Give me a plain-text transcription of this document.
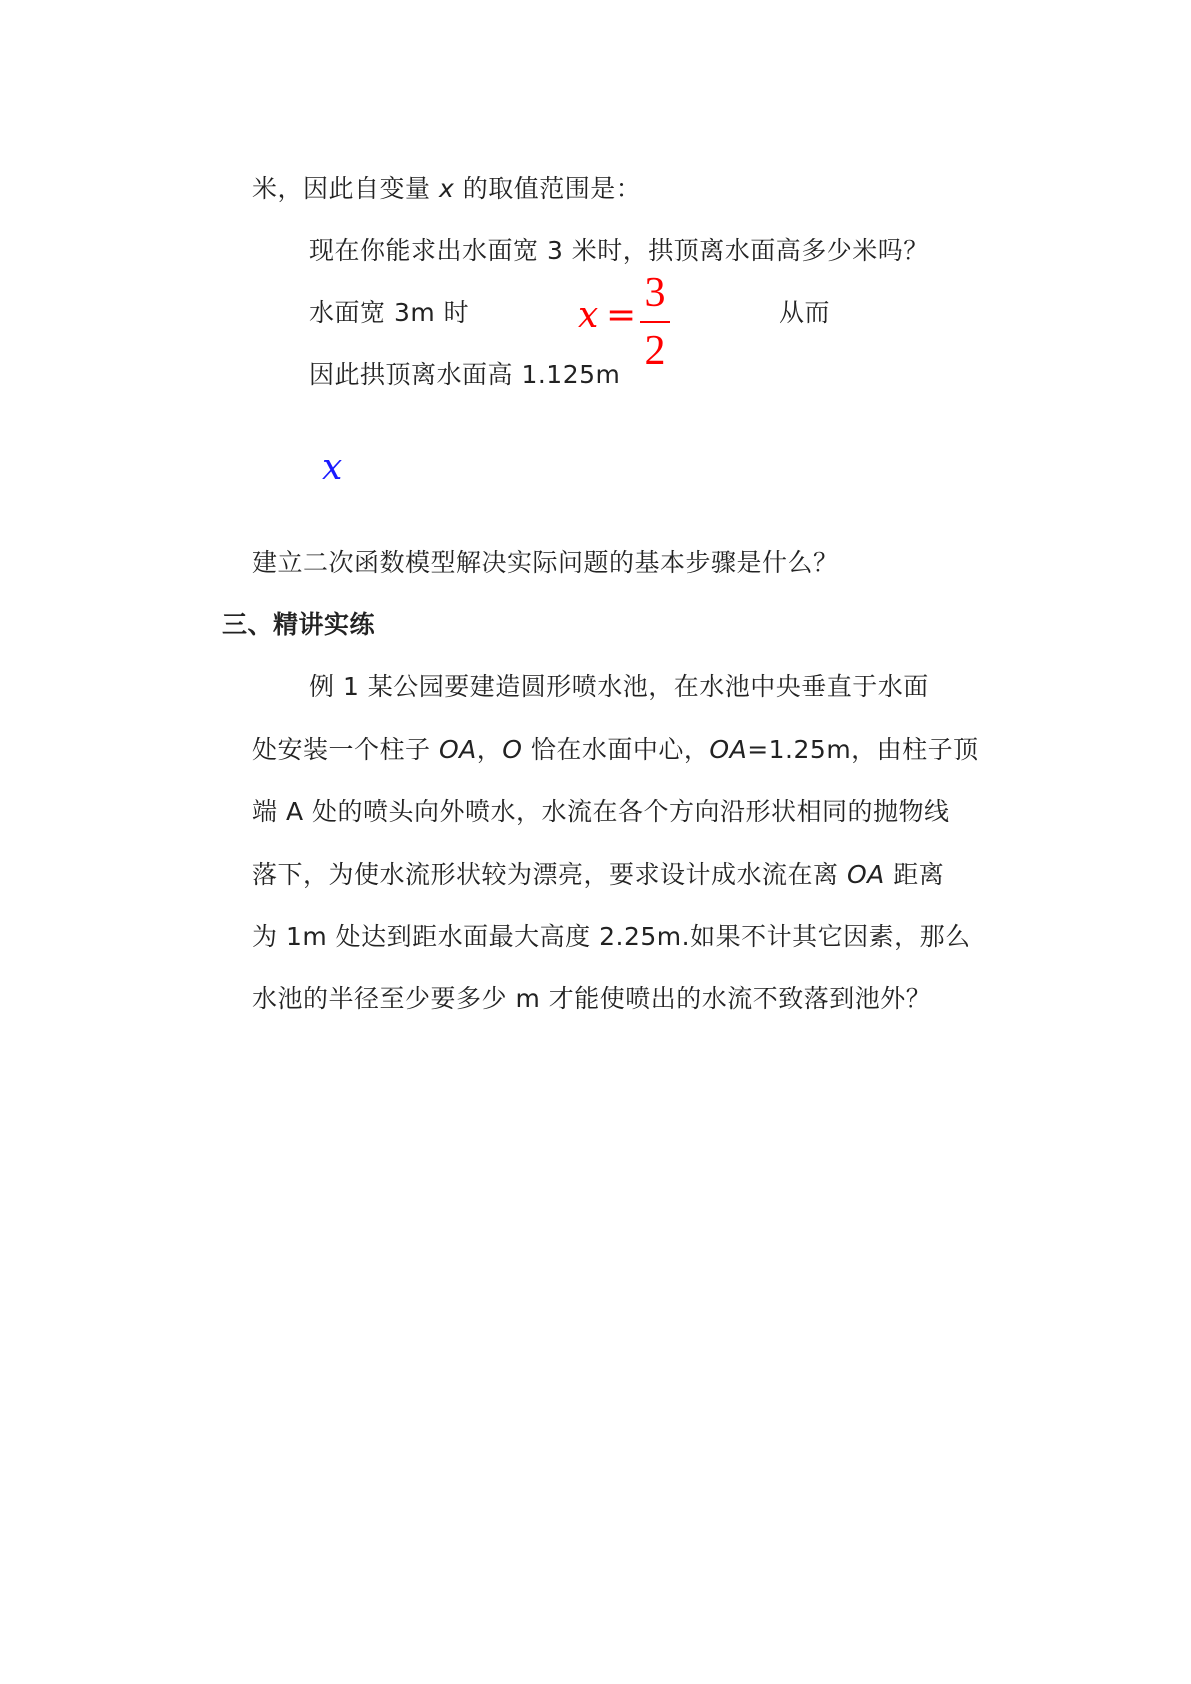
米，因此自变量 x 的取值范围是：
现在你能求出水面宽 3 米时，拱顶离水面高多少米吗？
水面宽 3m 时	从而
x = 3
2
因此拱顶离水面高 1.125m
x
建立二次函数模型解决实际问题的基本步骤是什么？
三、精讲实练
例 1 某公园要建造圆形喷水池，在水池中央垂直于水面
处安装一个柱子 OA，O 恰在水面中心，OA=1.25m，由柱子顶
端 A 处的喷头向外喷水，水流在各个方向沿形状相同的抛物线
落下，为使水流形状较为漂亮，要求设计成水流在离 OA 距离
为 1m 处达到距水面最大高度 2.25m.如果不计其它因素，那么
水池的半径至少要多少 m 才能使喷出的水流不致落到池外？
